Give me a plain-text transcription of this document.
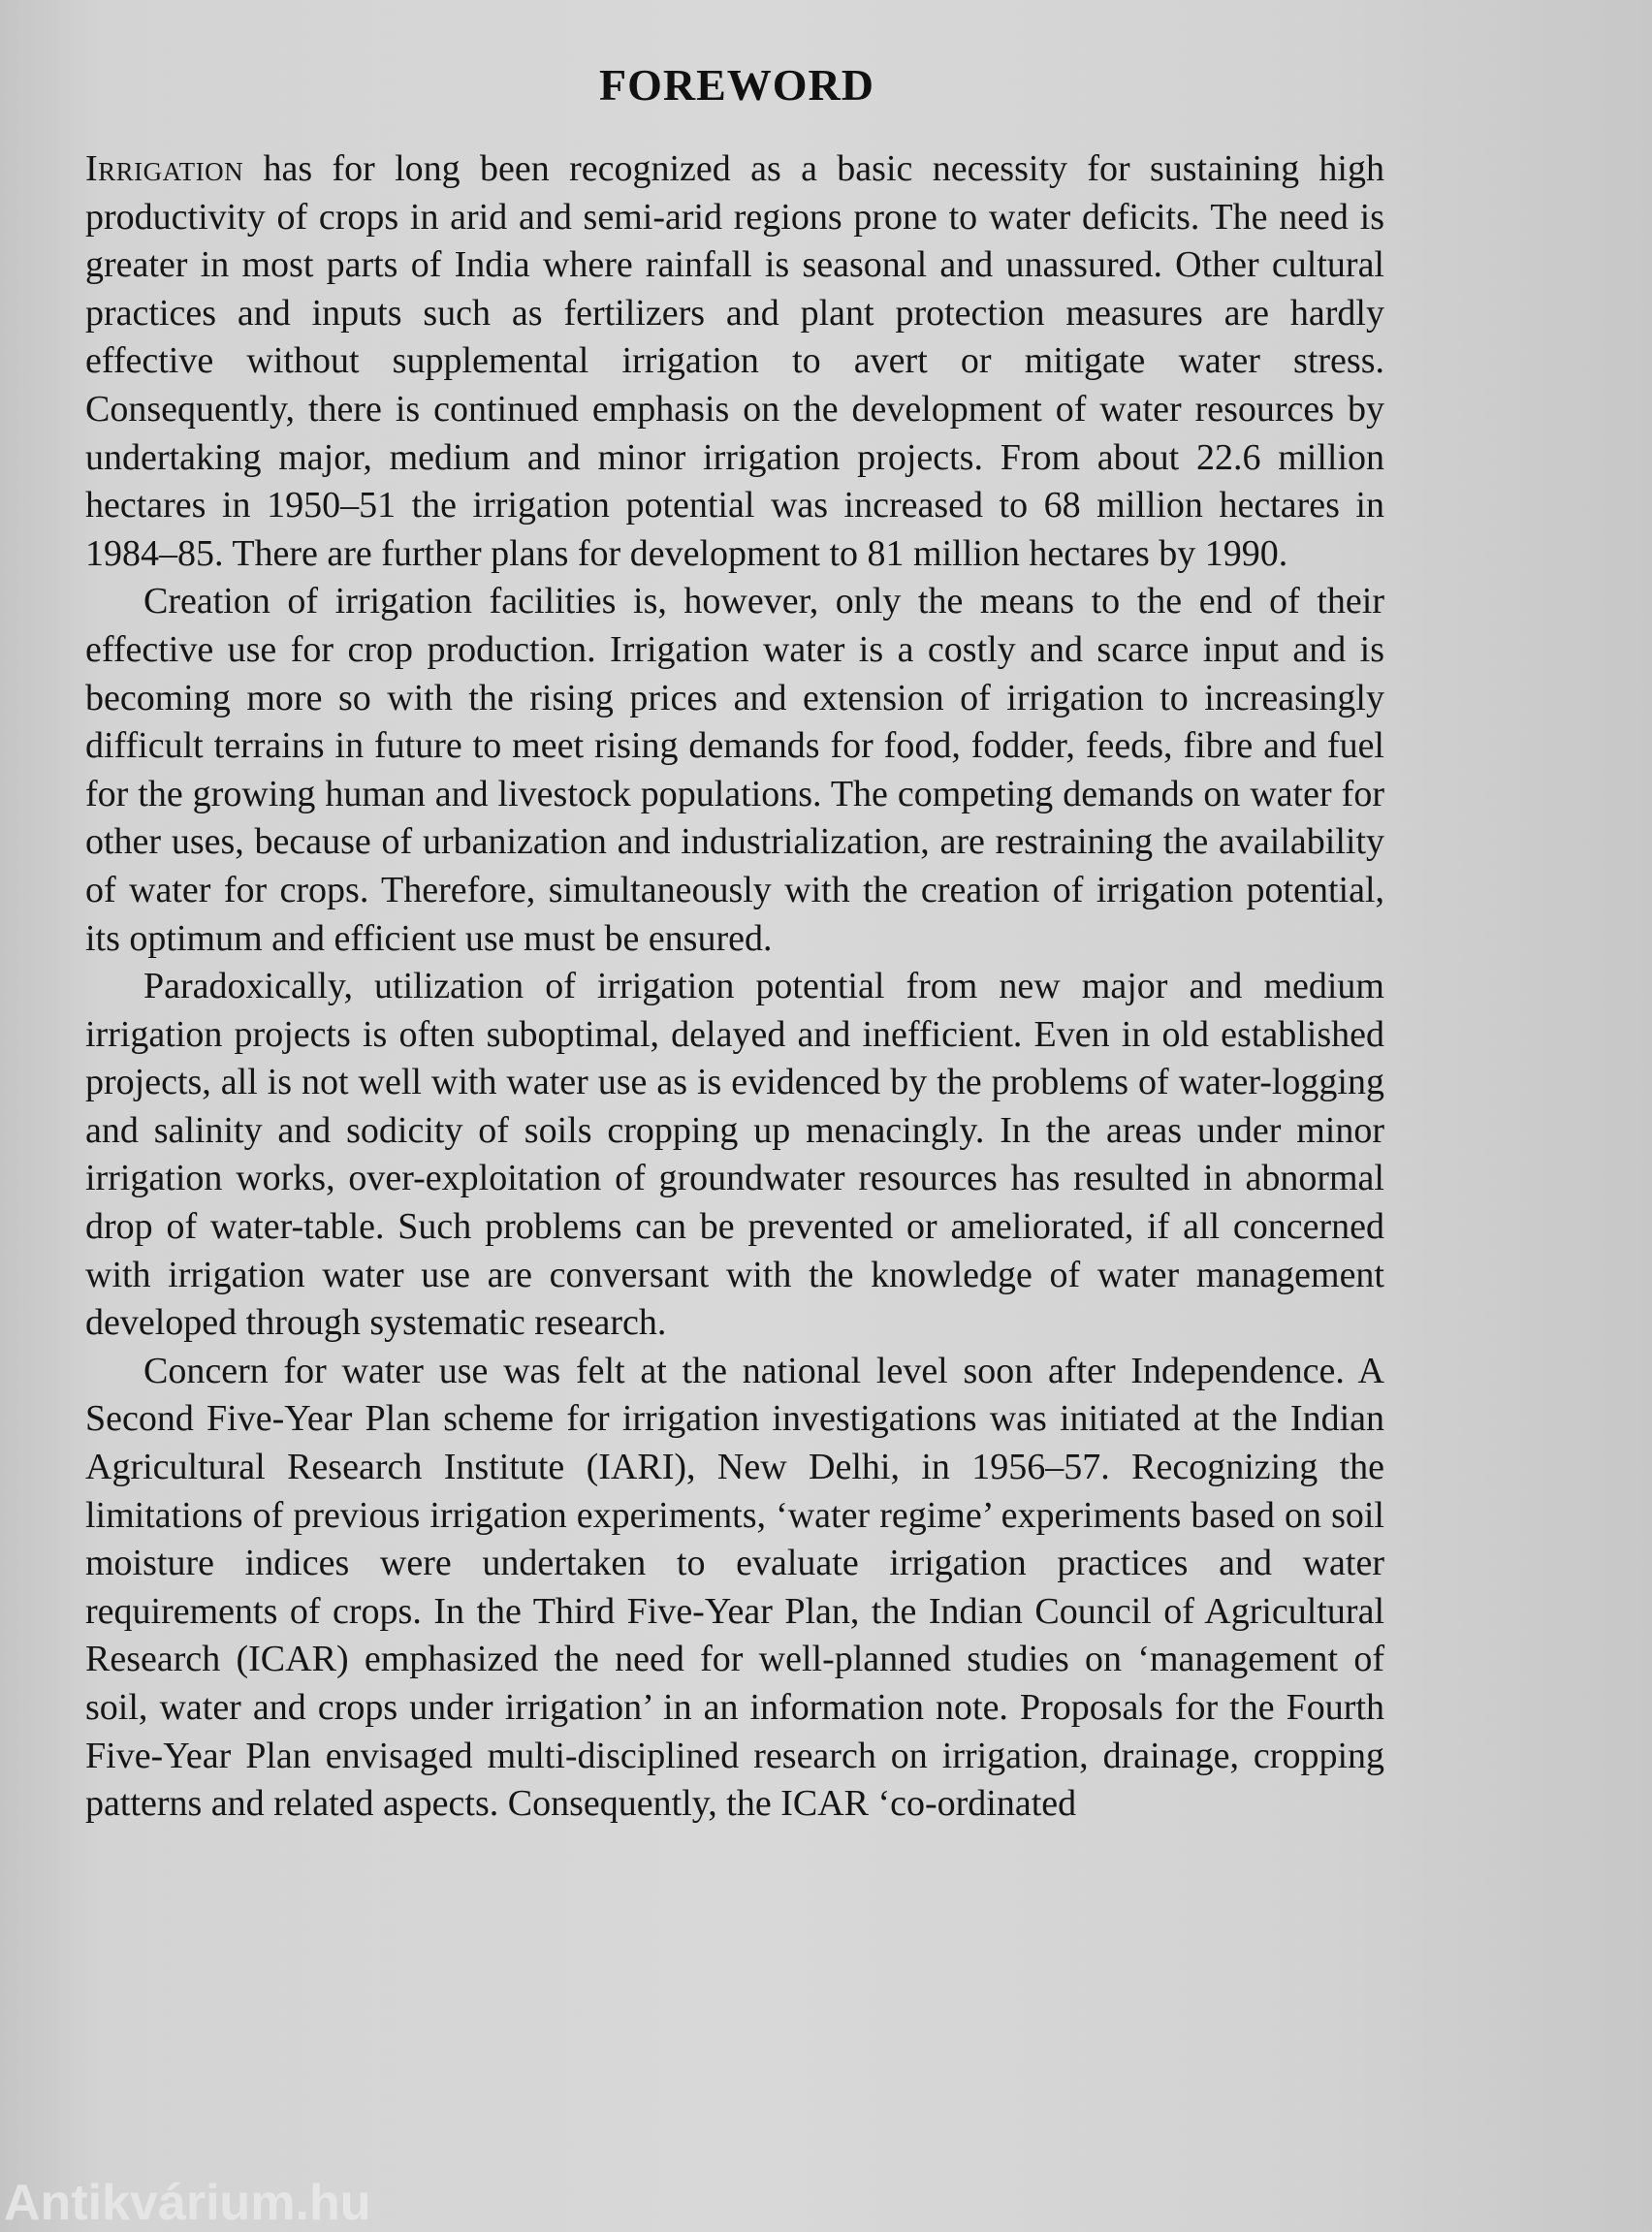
FOREWORD

Irrigation has for long been recognized as a basic necessity for sustaining high productivity of crops in arid and semi-arid regions prone to water deficits. The need is greater in most parts of India where rainfall is seasonal and unassured. Other cultural practices and inputs such as fertilizers and plant protection measures are hardly effective without supplemental irrigation to avert or mitigate water stress. Consequently, there is continued emphasis on the development of water resources by undertaking major, medium and minor irrigation projects. From about 22.6 million hectares in 1950–51 the irrigation potential was increased to 68 million hectares in 1984–85. There are further plans for development to 81 million hectares by 1990.

Creation of irrigation facilities is, however, only the means to the end of their effective use for crop production. Irrigation water is a costly and scarce input and is becoming more so with the rising prices and extension of irrigation to increasingly difficult terrains in future to meet rising demands for food, fodder, feeds, fibre and fuel for the growing human and livestock populations. The competing demands on water for other uses, because of urbanization and industrialization, are restraining the availability of water for crops. Therefore, simultaneously with the creation of irrigation potential, its optimum and efficient use must be ensured.

Paradoxically, utilization of irrigation potential from new major and medium irrigation projects is often suboptimal, delayed and inefficient. Even in old established projects, all is not well with water use as is evidenced by the problems of water-logging and salinity and sodicity of soils cropping up menacingly. In the areas under minor irrigation works, over-exploitation of groundwater resources has resulted in abnormal drop of water-table. Such problems can be prevented or ameliorated, if all concerned with irrigation water use are conversant with the knowledge of water management developed through systematic research.

Concern for water use was felt at the national level soon after Independence. A Second Five-Year Plan scheme for irrigation investigations was initiated at the Indian Agricultural Research Institute (IARI), New Delhi, in 1956–57. Recognizing the limitations of previous irrigation experiments, ‘water regime’ experiments based on soil moisture indices were undertaken to evaluate irrigation practices and water requirements of crops. In the Third Five-Year Plan, the Indian Council of Agricultural Research (ICAR) emphasized the need for well-planned studies on ‘management of soil, water and crops under irrigation’ in an information note. Proposals for the Fourth Five-Year Plan envisaged multi-disciplined research on irrigation, drainage, cropping patterns and related aspects. Consequently, the ICAR ‘co-ordinated

Antikvárium.hu
